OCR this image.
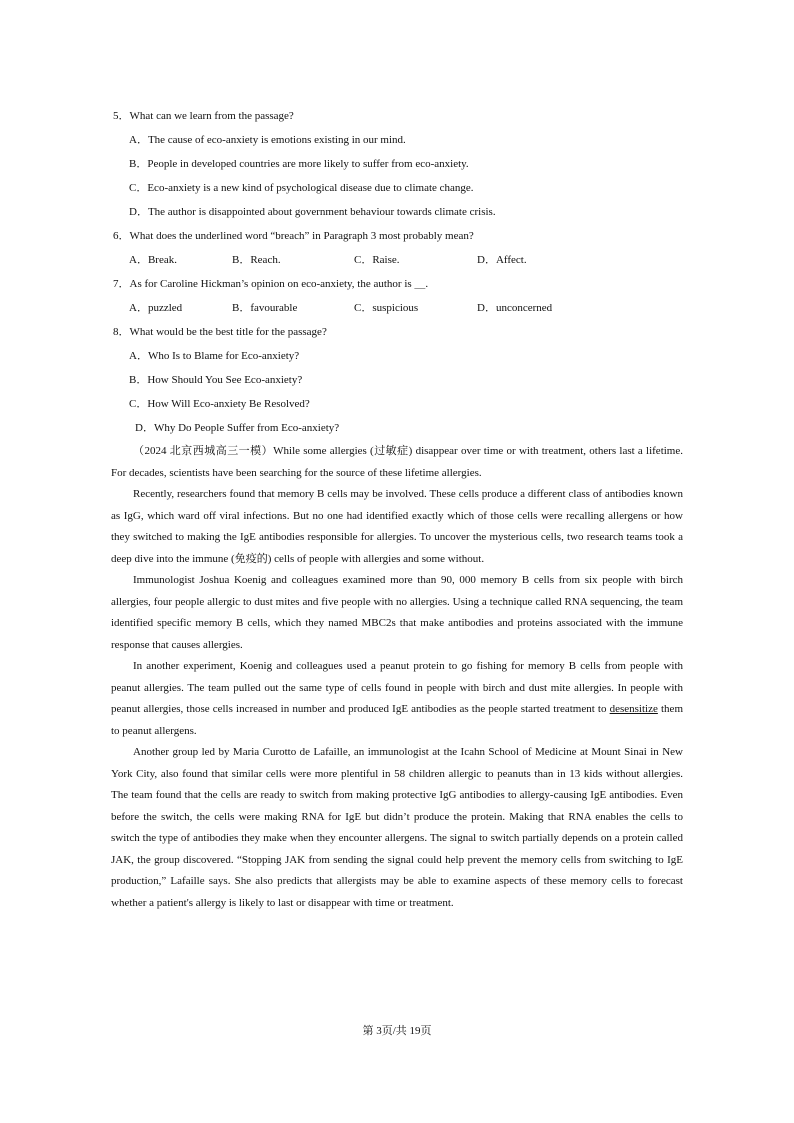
5．What can we learn from the passage?
A．The cause of eco-anxiety is emotions existing in our mind.
B．People in developed countries are more likely to suffer from eco-anxiety.
C．Eco-anxiety is a new kind of psychological disease due to climate change.
D．The author is disappointed about government behaviour towards climate crisis.
6．What does the underlined word “breach” in Paragraph 3 most probably mean?
A．Break.	B．Reach.	C．Raise.	D．Affect.
7．As for Caroline Hickman’s opinion on eco-anxiety, the author is ＿.
A．puzzled	B．favourable	C．suspicious	D．unconcerned
8．What would be the best title for the passage?
A．Who Is to Blame for Eco-anxiety?
B．How Should You See Eco-anxiety?
C．How Will Eco-anxiety Be Resolved?
D．Why Do People Suffer from Eco-anxiety?

（2024 北京西城高三一模）While some allergies (过敏症) disappear over time or with treatment, others last a lifetime. For decades, scientists have been searching for the source of these lifetime allergies.

Recently, researchers found that memory B cells may be involved. These cells produce a different class of antibodies known as IgG, which ward off viral infections. But no one had identified exactly which of those cells were recalling allergens or how they switched to making the IgE antibodies responsible for allergies. To uncover the mysterious cells, two research teams took a deep dive into the immune (免疫的) cells of people with allergies and some without.

Immunologist Joshua Koenig and colleagues examined more than 90, 000 memory B cells from six people with birch allergies, four people allergic to dust mites and five people with no allergies. Using a technique called RNA sequencing, the team identified specific memory B cells, which they named MBC2s that make antibodies and proteins associated with the immune response that causes allergies.

In another experiment, Koenig and colleagues used a peanut protein to go fishing for memory B cells from people with peanut allergies. The team pulled out the same type of cells found in people with birch and dust mite allergies. In people with peanut allergies, those cells increased in number and produced IgE antibodies as the people started treatment to desensitize them to peanut allergens.

Another group led by Maria Curotto de Lafaille, an immunologist at the Icahn School of Medicine at Mount Sinai in New York City, also found that similar cells were more plentiful in 58 children allergic to peanuts than in 13 kids without allergies. The team found that the cells are ready to switch from making protective IgG antibodies to allergy-causing IgE antibodies. Even before the switch, the cells were making RNA for IgE but didn’t produce the protein. Making that RNA enables the cells to switch the type of antibodies they make when they encounter allergens. The signal to switch partially depends on a protein called JAK, the group discovered. “Stopping JAK from sending the signal could help prevent the memory cells from switching to IgE production,” Lafaille says. She also predicts that allergists may be able to examine aspects of these memory cells to forecast whether a patient's allergy is likely to last or disappear with time or treatment.

第 3页/共 19页
